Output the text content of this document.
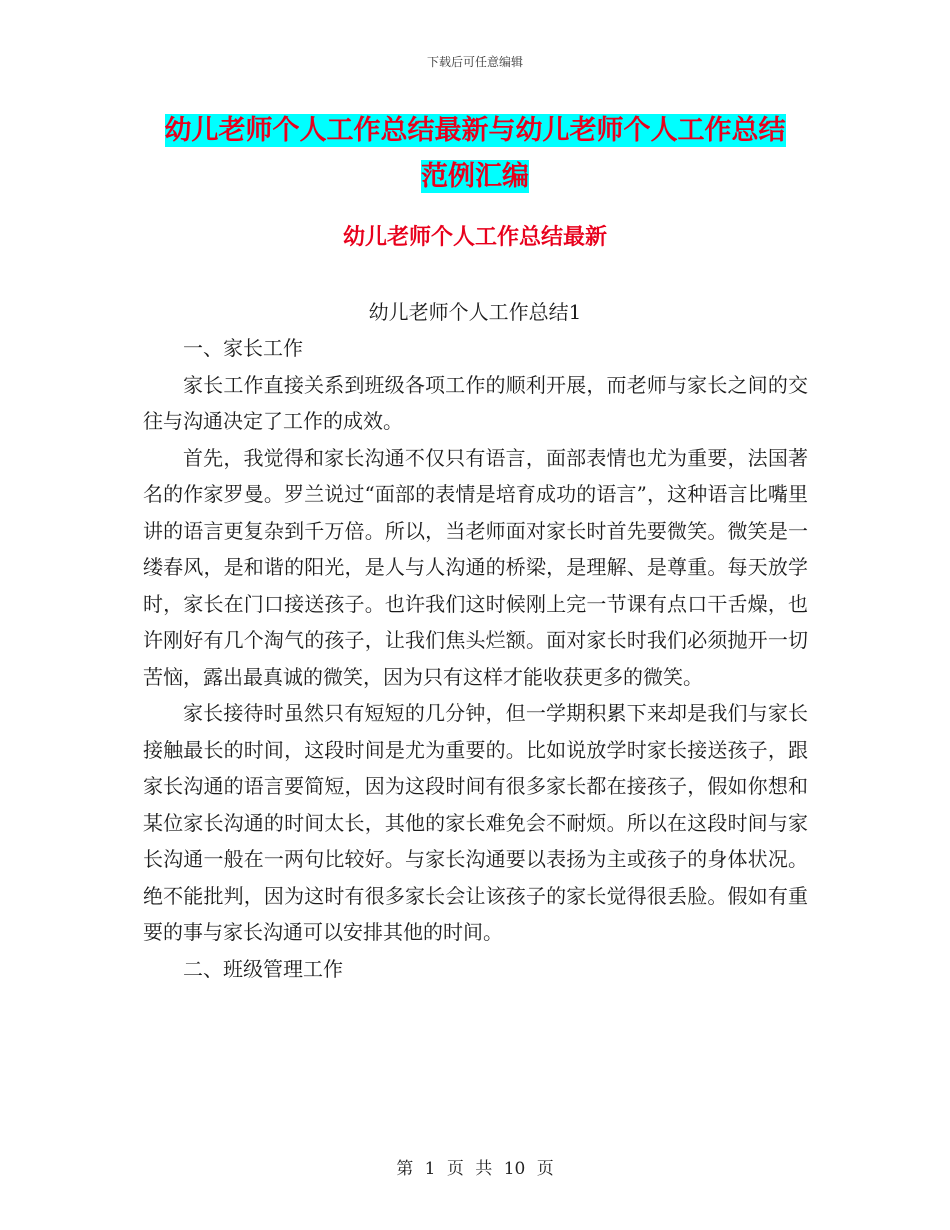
下载后可任意编辑
幼儿老师个人工作总结最新与幼儿老师个人工作总结
范例汇编
幼儿老师个人工作总结最新
幼儿老师个人工作总结1

一、家长工作

家长工作直接关系到班级各项工作的顺利开展，而老师与家长之间的交往与沟通决定了工作的成效。

首先，我觉得和家长沟通不仅只有语言，面部表情也尤为重要，法国著名的作家罗曼。罗兰说过“面部的表情是培育成功的语言”，这种语言比嘴里讲的语言更复杂到千万倍。所以，当老师面对家长时首先要微笑。微笑是一缕春风，是和谐的阳光，是人与人沟通的桥梁，是理解、是尊重。每天放学时，家长在门口接送孩子。也许我们这时候刚上完一节课有点口干舌燥，也许刚好有几个淘气的孩子，让我们焦头烂额。面对家长时我们必须抛开一切苦恼，露出最真诚的微笑，因为只有这样才能收获更多的微笑。

家长接待时虽然只有短短的几分钟，但一学期积累下来却是我们与家长接触最长的时间，这段时间是尤为重要的。比如说放学时家长接送孩子，跟家长沟通的语言要简短，因为这段时间有很多家长都在接孩子，假如你想和某位家长沟通的时间太长，其他的家长难免会不耐烦。所以在这段时间与家长沟通一般在一两句比较好。与家长沟通要以表扬为主或孩子的身体状况。绝不能批判，因为这时有很多家长会让该孩子的家长觉得很丢脸。假如有重要的事与家长沟通可以安排其他的时间。

二、班级管理工作

第 1 页 共 10 页
